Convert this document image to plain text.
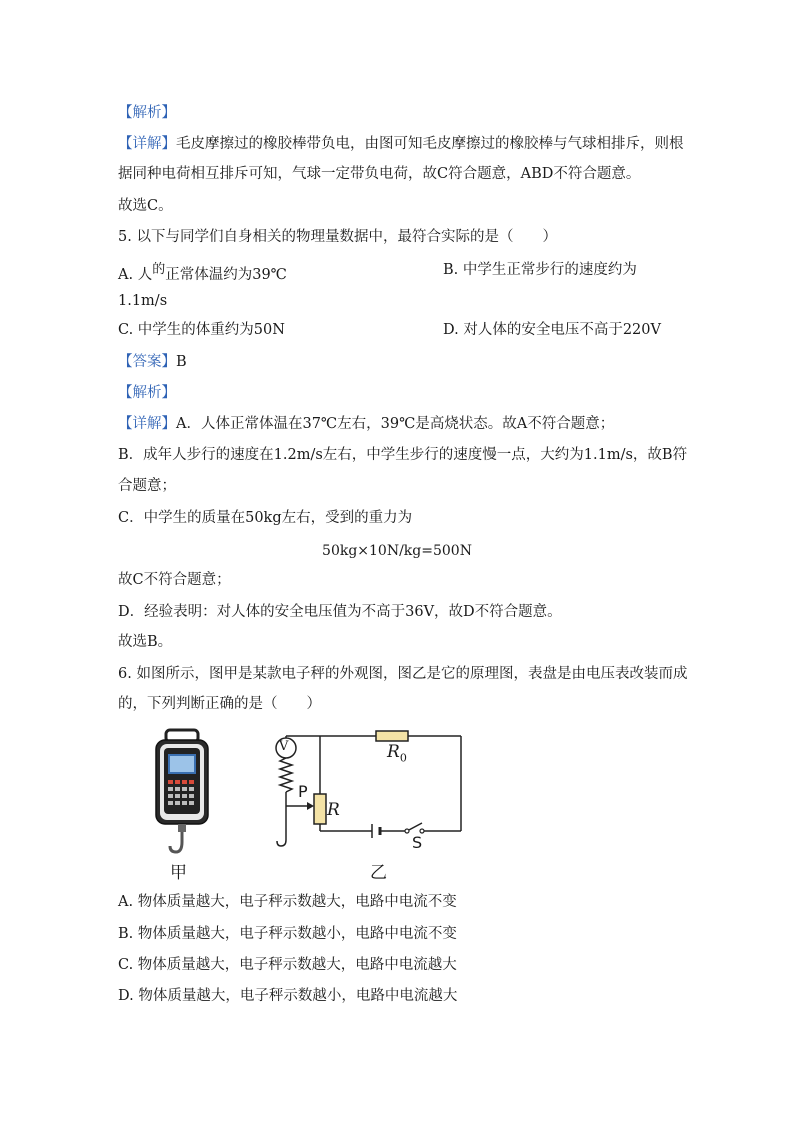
【解析】
【详解】毛皮摩擦过的橡胶棒带负电，由图可知毛皮摩擦过的橡胶棒与气球相排斥，则根
据同种电荷相互排斥可知，气球一定带负电荷，故C符合题意，ABD不符合题意。
故选C。
5. 以下与同学们自身相关的物理量数据中，最符合实际的是（　　）
A. 人$^的$正常体温约为39℃	B. 中学生正常步行的速度约为
1.1m/s
C. 中学生的体重约为50N	D. 对人体的安全电压不高于220V
【答案】B
【解析】
【详解】A．人体正常体温在37℃左右，39℃是高烧状态。故A不符合题意；
B．成年人步行的速度在1.2m/s左右，中学生步行的速度慢一点，大约为1.1m/s，故B符
合题意；
C．中学生的质量在50kg左右，受到的重力为
50kg×10N/kg=500N
故C不符合题意；
D．经验表明：对人体的安全电压值为不高于36V，故D不符合题意。
故选B。
6. 如图所示，图甲是某款电子秤的外观图，图乙是它的原理图，表盘是由电压表改装而成
的，下列判断正确的是（　　）
甲
V
P
R
$R_0$
S
乙
A. 物体质量越大，电子秤示数越大，电路中电流不变
B. 物体质量越大，电子秤示数越小，电路中电流不变
C. 物体质量越大，电子秤示数越大，电路中电流越大
D. 物体质量越大，电子秤示数越小，电路中电流越大
